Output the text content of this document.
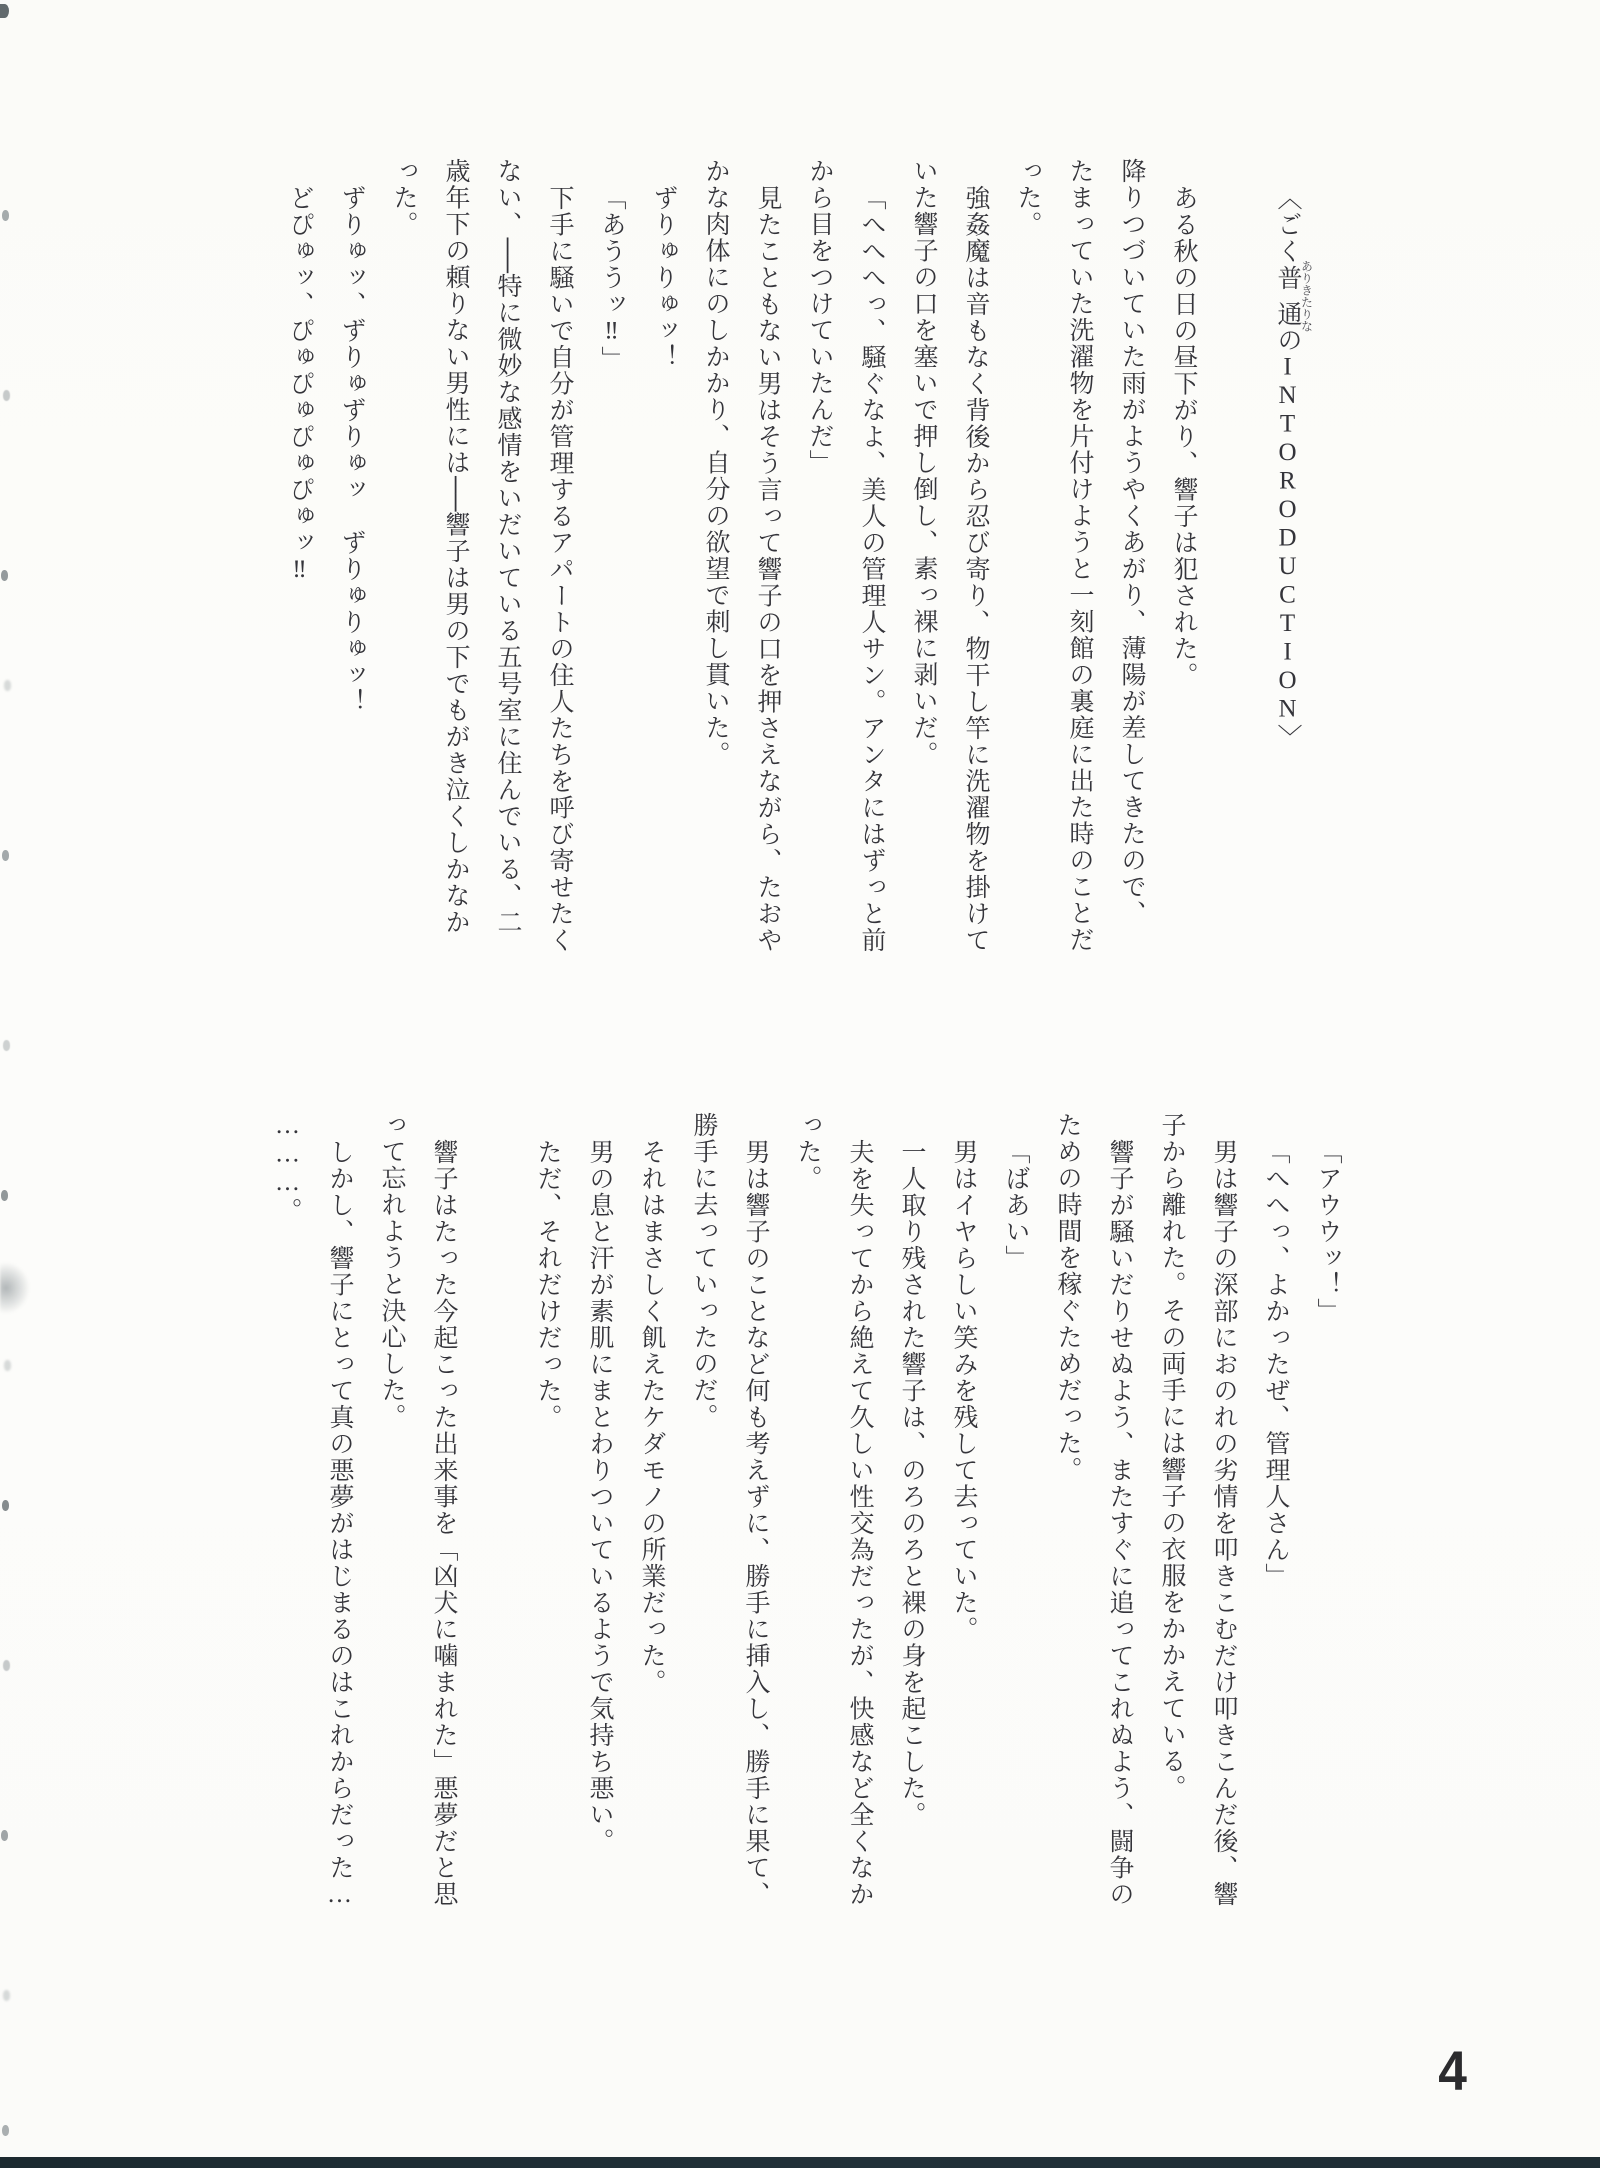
〈ごく普通ありきたりなのINTORODUCTION〉

ある秋の日の昼下がり、響子は犯された。

降りつづいていた雨がようやくあがり、薄陽が差してきたので、

たまっていた洗濯物を片付けようと一刻館の裏庭に出た時のことだ

った。

強姦魔は音もなく背後から忍び寄り、物干し竿に洗濯物を掛けて

いた響子の口を塞いで押し倒し、素っ裸に剥いだ。

「へへへっ、騒ぐなよ、美人の管理人サン。アンタにはずっと前

から目をつけていたんだ」

見たこともない男はそう言って響子の口を押さえながら、たおや

かな肉体にのしかかり、自分の欲望で刺し貫いた。

ずりゅりゅッ！

「あううッ‼」

下手に騒いで自分が管理するアパートの住人たちを呼び寄せたく

ない、──特に微妙な感情をいだいている五号室に住んでいる、二

歳年下の頼りない男性には──響子は男の下でもがき泣くしかなか

った。

ずりゅッ、ずりゅずりゅッ　ずりゅりゅッ！

どぴゅッ、ぴゅぴゅぴゅぴゅッ‼

「アウウッ！」

「へへっ、よかったぜ、管理人さん」

男は響子の深部におのれの劣情を叩きこむだけ叩きこんだ後、響

子から離れた。その両手には響子の衣服をかかえている。

響子が騒いだりせぬよう、またすぐに追ってこれぬよう、闘争の

ための時間を稼ぐためだった。

「ばあい」

男はイヤらしい笑みを残して去っていた。

一人取り残された響子は、のろのろと裸の身を起こした。

夫を失ってから絶えて久しい性交為だったが、快感など全くなか

った。

男は響子のことなど何も考えずに、勝手に挿入し、勝手に果て、

勝手に去っていったのだ。

それはまさしく飢えたケダモノの所業だった。

男の息と汗が素肌にまとわりついているようで気持ち悪い。

ただ、それだけだった。

響子はたった今起こった出来事を「凶犬に噛まれた」悪夢だと思

って忘れようと決心した。

しかし、響子にとって真の悪夢がはじまるのはこれからだった…

………。

4
